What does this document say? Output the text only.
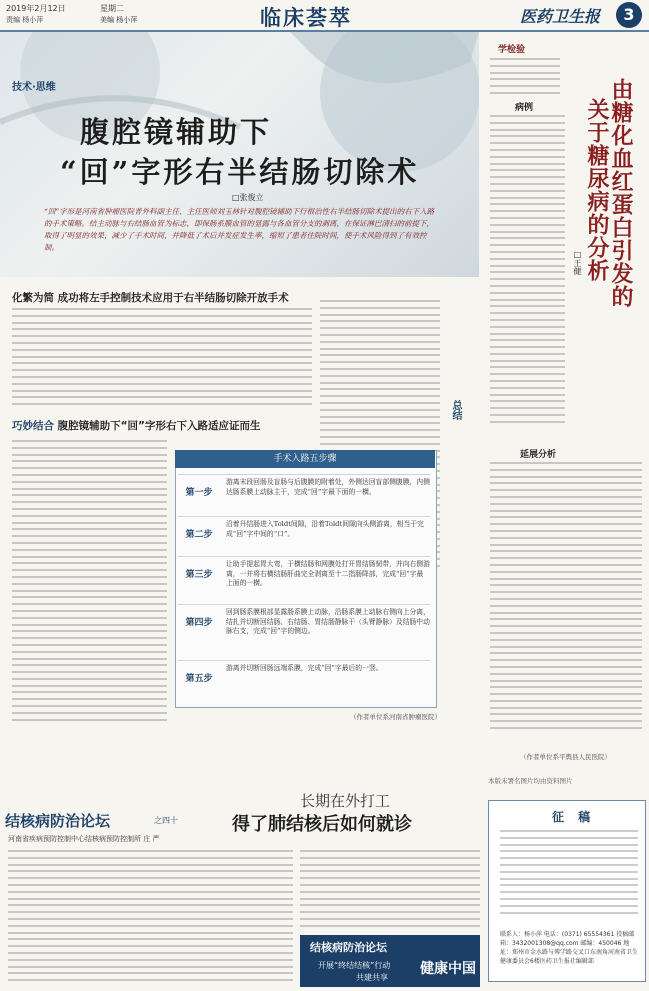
2019年2月12日
责编 杨小萍
星期二
美编 杨小萍	临床荟萃	医药卫生报	3
技术·思维
腹腔镜辅助下
“回”字形右半结肠切除术
□张俊立
“回”字形是河南省肿瘤医院普外科副主任、主任医师刘玉林针对腹腔镜辅助下行根治性右半结肠切除术提出的右下入路的手术策略。结主动脉与右结肠血管为标志，即保肠系膜血管的显露与各血管分支的剥离，在保证淋巴清扫的前提下，取得了明显的效果，减少了手术时间，并降低了术后并发症发生率，缩短了患者住院时间，使手术风险得到了有效控制。
化繁为简 成功将左手控制技术应用于右半结肠切除开放手术
巧妙结合 腹腔镜辅助下“回”字形右下入路适应证而生
手术入路五步骤
第一步
游离末段回肠及盲肠与后腹膜的附着处，外侧达回盲部侧腹膜，内侧达肠系膜上动脉主干，完成“回”字最下面的一横。
第二步
沿着升结肠进入Toldt间隙，沿着Toldt间隙向头侧游离，相当于完成“回”字中间的“口”。
第三步
让助手提起胃大弯，于横结肠和网膜处打开胃结肠韧带，并向右侧游离，一并将右横结肠肝曲完全剥离至十二指肠降部，完成“回”字最上面的一横。
第四步
回到肠系膜根部显露肠系膜上动脉，沿肠系膜上动脉右侧向上分离，结扎并切断回结肠、右结肠、胃结肠静脉干（头臂静脉）及结肠中动脉右支，完成“回”字的侧边。
第五步
游离并切断回肠远端系膜，完成“回”字最后的一竖。
总结
（作者单位系河南省肿瘤医院）
学检验
病例	由糖化血红蛋白引发的
关于糖尿病的分析
□王健
延展分析
（作者单位系平舆县人民医院）
本版未署名图片均由资料图片
结核病防治论坛	之四十
长期在外打工
得了肺结核后如何就诊
河南省疾病预防控制中心结核病预防控制所 庄 严
结核病防治论坛
开展“终结结核”行动 健康中国
共建共享
征 稿
联系人：杨小萍 电话：(0371) 65554361 投稿邮箱：3432001308@qq.com 邮编：450046 地址：郑州市金水路与博学路交叉口东南角河南省卫生健康委员会6楼医药卫生报社编辑部
